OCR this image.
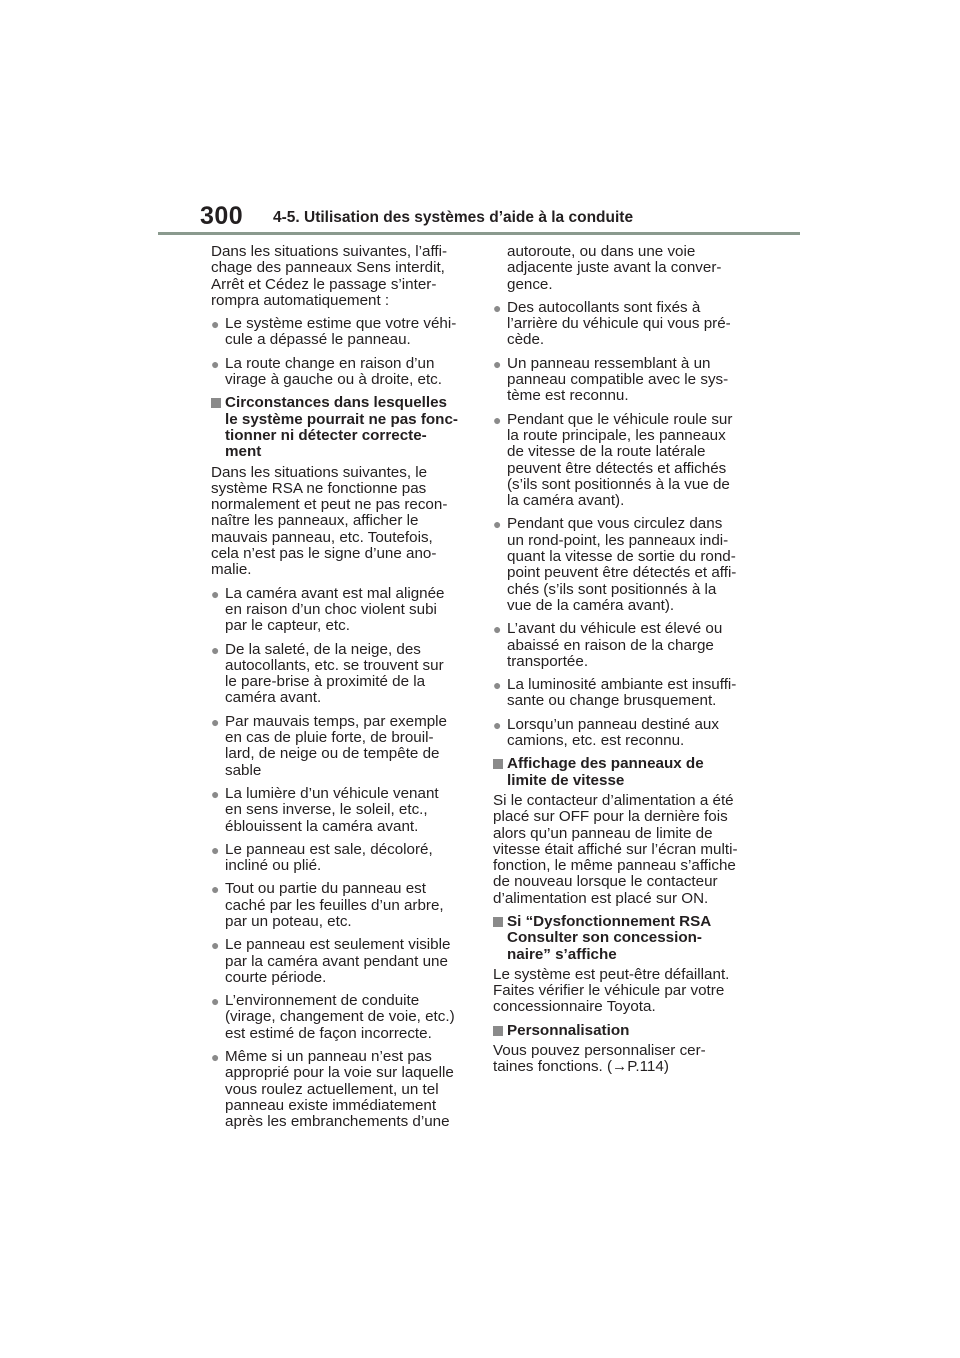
300 4-5. Utilisation des systèmes d’aide à la conduite

Dans les situations suivantes, l’affi-
chage des panneaux Sens interdit,
Arrêt et Cédez le passage s’inter-
rompra automatiquement :

● Le système estime que votre véhi-
cule a dépassé le panneau.
● La route change en raison d’un
virage à gauche ou à droite, etc.
Circonstances dans lesquelles
le système pourrait ne pas fonc-
tionner ni détecter correcte-
ment

Dans les situations suivantes, le
système RSA ne fonctionne pas
normalement et peut ne pas recon-
naître les panneaux, afficher le
mauvais panneau, etc. Toutefois,
cela n’est pas le signe d’une ano-
malie.

● La caméra avant est mal alignée
en raison d’un choc violent subi
par le capteur, etc.
● De la saleté, de la neige, des
autocollants, etc. se trouvent sur
le pare-brise à proximité de la
caméra avant.
● Par mauvais temps, par exemple
en cas de pluie forte, de brouil-
lard, de neige ou de tempête de
sable
● La lumière d’un véhicule venant
en sens inverse, le soleil, etc.,
éblouissent la caméra avant.
● Le panneau est sale, décoloré,
incliné ou plié.
● Tout ou partie du panneau est
caché par les feuilles d’un arbre,
par un poteau, etc.
● Le panneau est seulement visible
par la caméra avant pendant une
courte période.
● L’environnement de conduite
(virage, changement de voie, etc.)
est estimé de façon incorrecte.
● Même si un panneau n’est pas
approprié pour la voie sur laquelle
vous roulez actuellement, un tel
panneau existe immédiatement
après les embranchements d’une

autoroute, ou dans une voie
adjacente juste avant la conver-
gence.

● Des autocollants sont fixés à
l’arrière du véhicule qui vous pré-
cède.
● Un panneau ressemblant à un
panneau compatible avec le sys-
tème est reconnu.
● Pendant que le véhicule roule sur
la route principale, les panneaux
de vitesse de la route latérale
peuvent être détectés et affichés
(s’ils sont positionnés à la vue de
la caméra avant).
● Pendant que vous circulez dans
un rond-point, les panneaux indi-
quant la vitesse de sortie du rond-
point peuvent être détectés et affi-
chés (s’ils sont positionnés à la
vue de la caméra avant).
● L’avant du véhicule est élevé ou
abaissé en raison de la charge
transportée.
● La luminosité ambiante est insuffi-
sante ou change brusquement.
● Lorsqu’un panneau destiné aux
camions, etc. est reconnu.
Affichage des panneaux de
limite de vitesse

Si le contacteur d’alimentation a été
placé sur OFF pour la dernière fois
alors qu’un panneau de limite de
vitesse était affiché sur l’écran multi-
fonction, le même panneau s’affiche
de nouveau lorsque le contacteur
d’alimentation est placé sur ON.

Si “Dysfonctionnement RSA
Consulter son concession-
naire” s’affiche

Le système est peut-être défaillant.
Faites vérifier le véhicule par votre
concessionnaire Toyota.

Personnalisation

Vous pouvez personnaliser cer-
taines fonctions. (→P.114)
